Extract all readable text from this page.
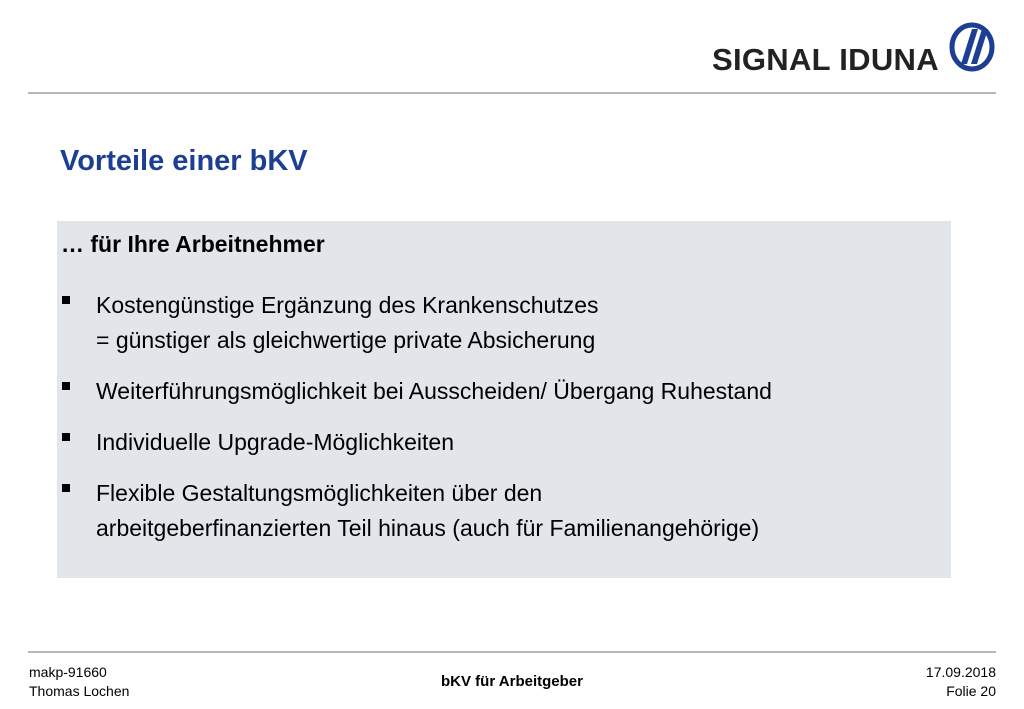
SIGNAL IDUNA
Vorteile einer bKV
… für Ihre Arbeitnehmer
Kostengünstige Ergänzung des Krankenschutzes
= günstiger als gleichwertige private Absicherung
Weiterführungsmöglichkeit bei Ausscheiden/ Übergang Ruhestand
Individuelle Upgrade-Möglichkeiten
Flexible Gestaltungsmöglichkeiten über den
arbeitgeberfinanzierten Teil hinaus (auch für Familienangehörige)
makp-91660
Thomas Lochen
bKV für Arbeitgeber
17.09.2018
Folie 20
